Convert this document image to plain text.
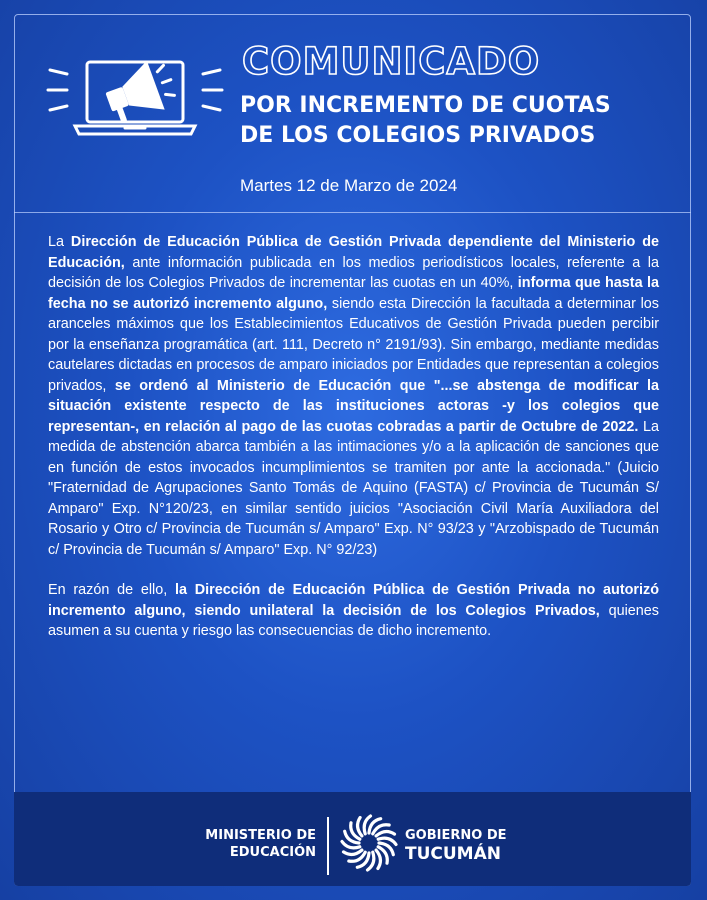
COMUNICADO
POR INCREMENTO DE CUOTAS
DE LOS COLEGIOS PRIVADOS
Martes 12 de Marzo de 2024

La Dirección de Educación Pública de Gestión Privada dependiente del Ministerio de Educación, ante información publicada en los medios periodísticos locales, referente a la decisión de los Colegios Privados de incrementar las cuotas en un 40%, informa que hasta la fecha no se autorizó incremento alguno, siendo esta Dirección la facultada a determinar los aranceles máximos que los Establecimientos Educativos de Gestión Privada pueden percibir por la enseñanza programática (art. 111, Decreto n° 2191/93). Sin embargo, mediante medidas cautelares dictadas en procesos de amparo iniciados por Entidades que representan a colegios privados, se ordenó al Ministerio de Educación que "...se abstenga de modificar la situación existente respecto de las instituciones actoras -y los colegios que representan-, en relación al pago de las cuotas cobradas a partir de Octubre de 2022. La medida de abstención abarca también a las intimaciones y/o a la aplicación de sanciones que en función de estos invocados incumplimientos se tramiten por ante la accionada." (Juicio "Fraternidad de Agrupaciones Santo Tomás de Aquino (FASTA) c/ Provincia de Tucumán S/ Amparo" Exp. N°120/23, en similar sentido juicios "Asociación Civil María Auxiliadora del Rosario y Otro c/ Provincia de Tucumán s/ Amparo" Exp. N° 93/23 y "Arzobispado de Tucumán c/ Provincia de Tucumán s/ Amparo" Exp. N° 92/23)

En razón de ello, la Dirección de Educación Pública de Gestión Privada no autorizó incremento alguno, siendo unilateral la decisión de los Colegios Privados, quienes asumen a su cuenta y riesgo las consecuencias de dicho incremento.

MINISTERIO DE
EDUCACIÓN
GOBIERNO DE
TUCUMÁN
